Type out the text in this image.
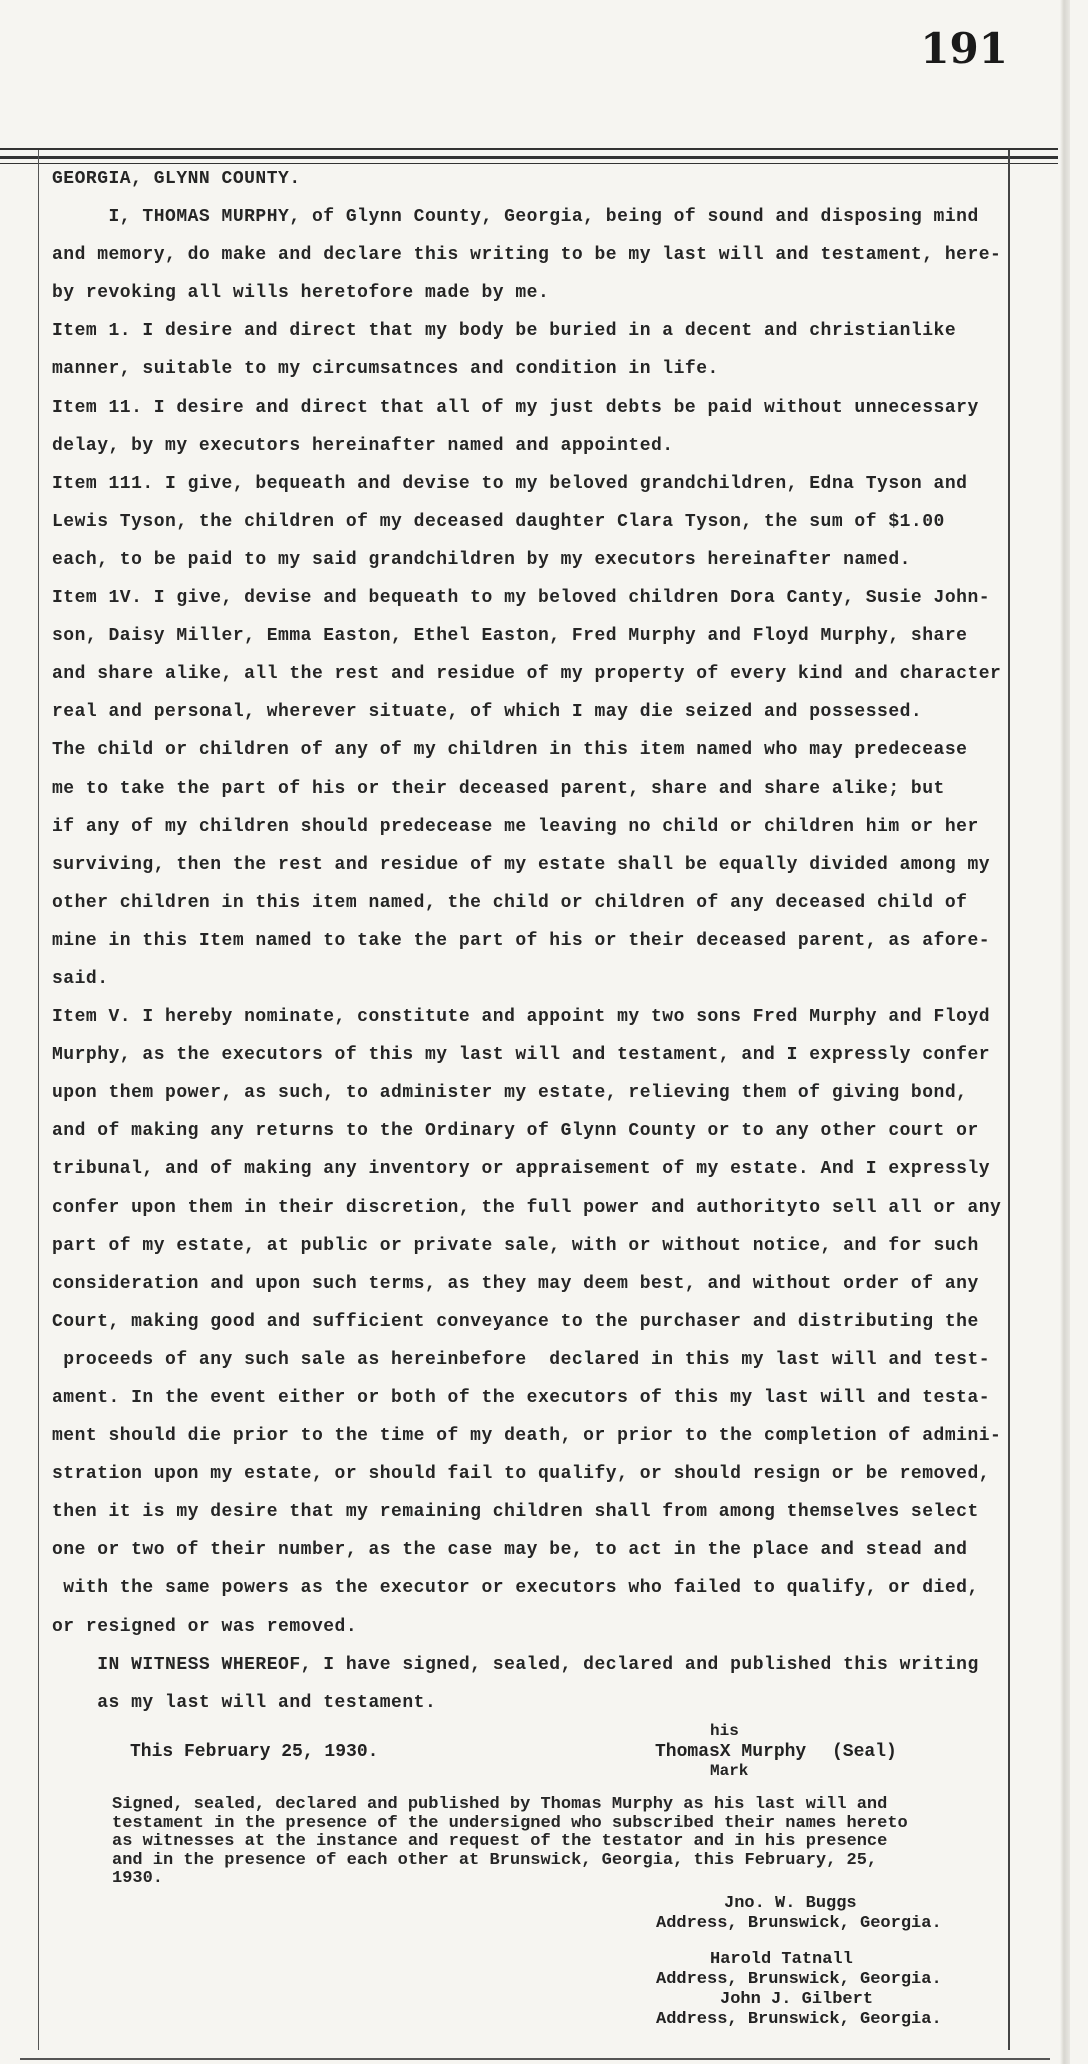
191
GEORGIA, GLYNN COUNTY.
I, THOMAS MURPHY, of Glynn County, Georgia, being of sound and disposing mind
and memory, do make and declare this writing to be my last will and testament, here-
by revoking all wills heretofore made by me.
Item 1. I desire and direct that my body be buried in a decent and christianlike
manner, suitable to my circumsatnces and condition in life.
Item 11. I desire and direct that all of my just debts be paid without unnecessary
delay, by my executors hereinafter named and appointed.
Item 111. I give, bequeath and devise to my beloved grandchildren, Edna Tyson and
Lewis Tyson, the children of my deceased daughter Clara Tyson, the sum of $1.00
each, to be paid to my said grandchildren by my executors hereinafter named.
Item 1V. I give, devise and bequeath to my beloved children Dora Canty, Susie John-
son, Daisy Miller, Emma Easton, Ethel Easton, Fred Murphy and Floyd Murphy, share
and share alike, all the rest and residue of my property of every kind and character
real and personal, wherever situate, of which I may die seized and possessed.
The child or children of any of my children in this item named who may predecease
me to take the part of his or their deceased parent, share and share alike; but
if any of my children should predecease me leaving no child or children him or her
surviving, then the rest and residue of my estate shall be equally divided among my
other children in this item named, the child or children of any deceased child of
mine in this Item named to take the part of his or their deceased parent, as afore-
said.
Item V. I hereby nominate, constitute and appoint my two sons Fred Murphy and Floyd
Murphy, as the executors of this my last will and testament, and I expressly confer
upon them power, as such, to administer my estate, relieving them of giving bond,
and of making any returns to the Ordinary of Glynn County or to any other court or
tribunal, and of making any inventory or appraisement of my estate. And I expressly
confer upon them in their discretion, the full power and authorityto sell all or any
part of my estate, at public or private sale, with or without notice, and for such
consideration and upon such terms, as they may deem best, and without order of any
Court, making good and sufficient conveyance to the purchaser and distributing the
proceeds of any such sale as hereinbefore  declared in this my last will and test-
ament. In the event either or both of the executors of this my last will and testa-
ment should die prior to the time of my death, or prior to the completion of admini-
stration upon my estate, or should fail to qualify, or should resign or be removed,
then it is my desire that my remaining children shall from among themselves select
one or two of their number, as the case may be, to act in the place and stead and
with the same powers as the executor or executors who failed to qualify, or died,
or resigned or was removed.
IN WITNESS WHEREOF, I have signed, sealed, declared and published this writing
as my last will and testament.
This February 25, 1930.
his
ThomasX Murphy (Seal)
Mark
Signed, sealed, declared and published by Thomas Murphy as his last will and
testament in the presence of the undersigned who subscribed their names hereto
as witnesses at the instance and request of the testator and in his presence
and in the presence of each other at Brunswick, Georgia, this February, 25,
1930.
Jno. W. Buggs
Address, Brunswick, Georgia.
Harold Tatnall
Address, Brunswick, Georgia.
John J. Gilbert
Address, Brunswick, Georgia.
